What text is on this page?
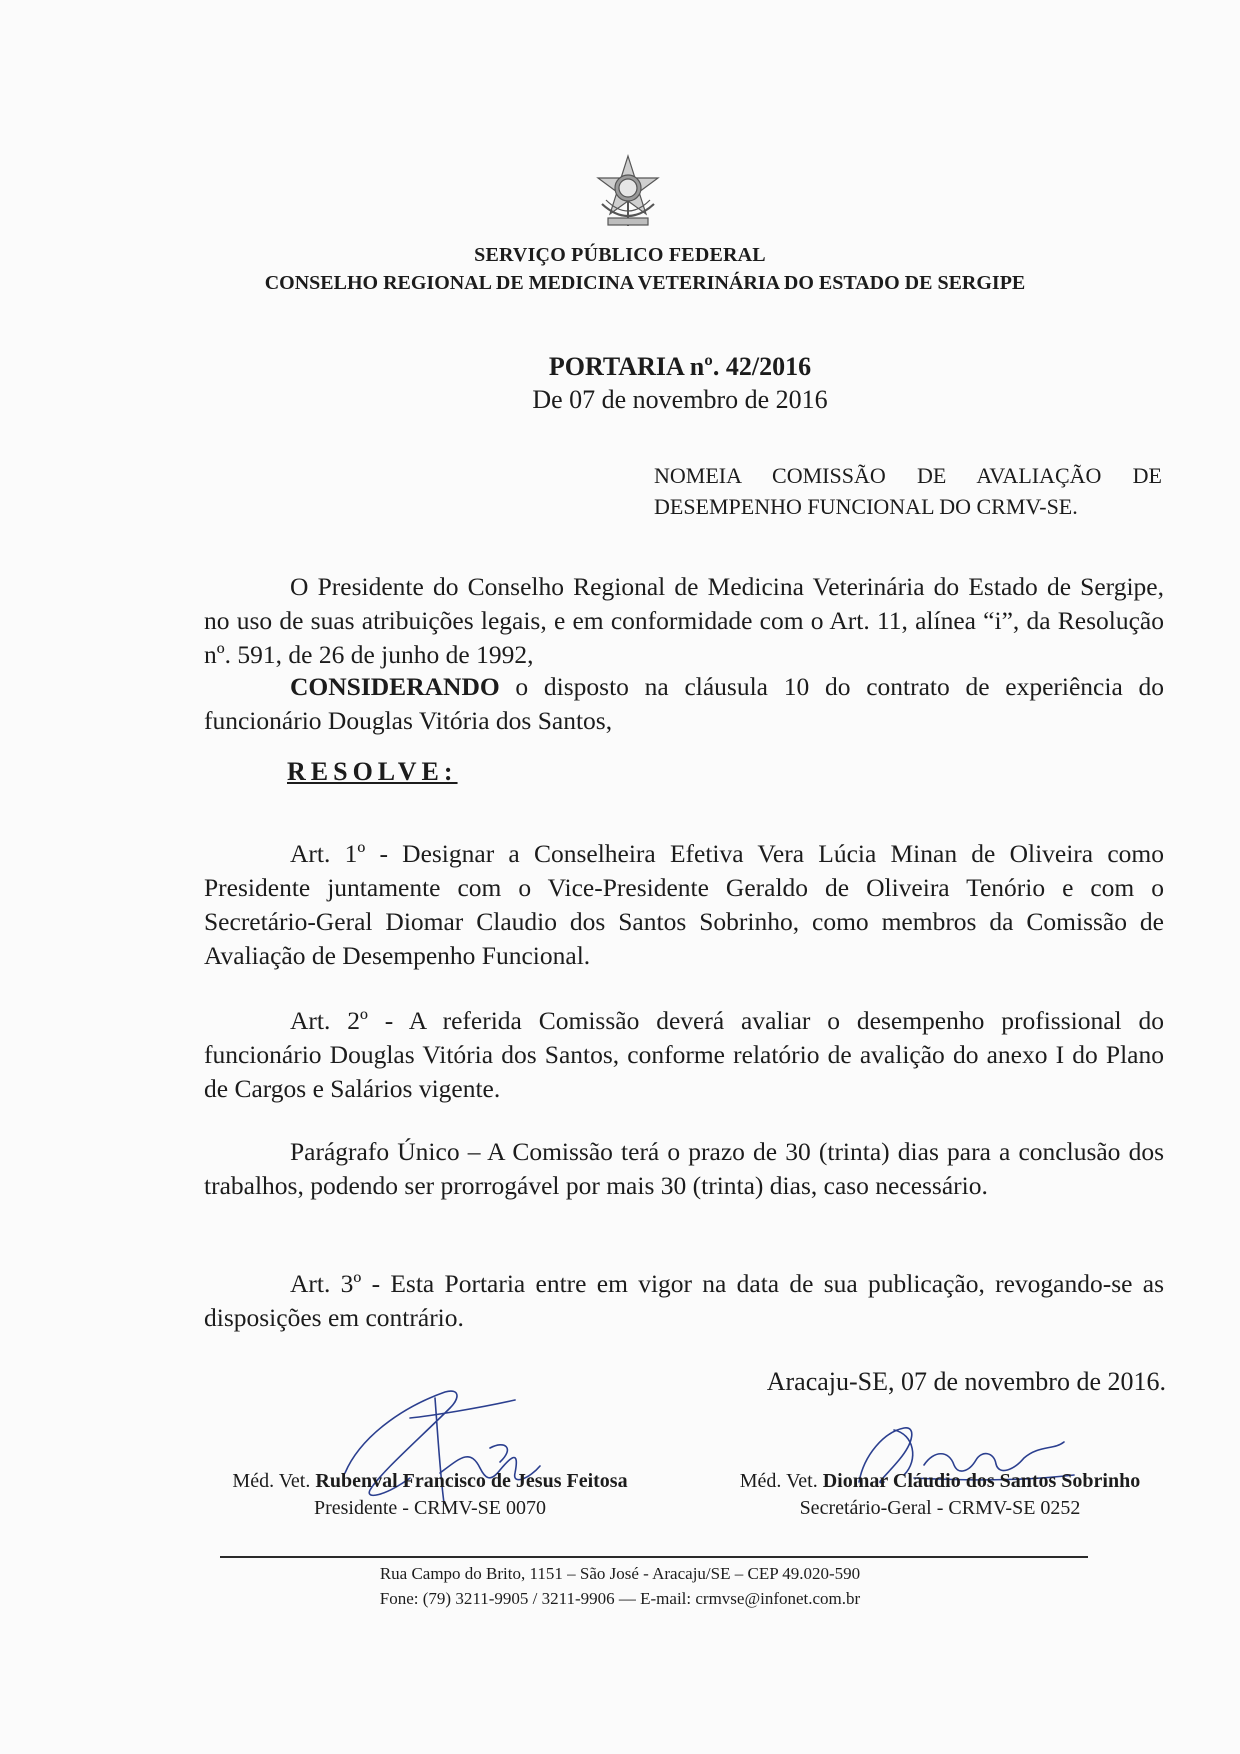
SERVIÇO PÚBLICO FEDERAL
CONSELHO REGIONAL DE MEDICINA VETERINÁRIA DO ESTADO DE SERGIPE
PORTARIA nº. 42/2016
De 07 de novembro de 2016
NOMEIA COMISSÃO DE AVALIAÇÃO DE DESEMPENHO FUNCIONAL DO CRMV-SE.
O Presidente do Conselho Regional de Medicina Veterinária do Estado de Sergipe, no uso de suas atribuições legais, e em conformidade com o Art. 11, alínea “i”, da Resolução nº. 591, de 26 de junho de 1992,
CONSIDERANDO o disposto na cláusula 10 do contrato de experiência do funcionário Douglas Vitória dos Santos,
RESOLVE:
Art. 1º - Designar a Conselheira Efetiva Vera Lúcia Minan de Oliveira como Presidente juntamente com o Vice-Presidente Geraldo de Oliveira Tenório e com o Secretário-Geral Diomar Claudio dos Santos Sobrinho, como membros da Comissão de Avaliação de Desempenho Funcional.
Art. 2º - A referida Comissão deverá avaliar o desempenho profissional do funcionário Douglas Vitória dos Santos, conforme relatório de avalição do anexo I do Plano de Cargos e Salários vigente.
Parágrafo Único – A Comissão terá o prazo de 30 (trinta) dias para a conclusão dos trabalhos, podendo ser prorrogável por mais 30 (trinta) dias, caso necessário.
Art. 3º - Esta Portaria entre em vigor na data de sua publicação, revogando-se as disposições em contrário.
Aracaju-SE, 07 de novembro de 2016.
Méd. Vet. Rubenval Francisco de Jesus Feitosa
Presidente - CRMV-SE 0070
Méd. Vet. Diomar Cláudio dos Santos Sobrinho
Secretário-Geral - CRMV-SE 0252
Rua Campo do Brito, 1151 – São José - Aracaju/SE – CEP 49.020-590
Fone: (79) 3211-9905 / 3211-9906 — E-mail: crmvse@infonet.com.br
